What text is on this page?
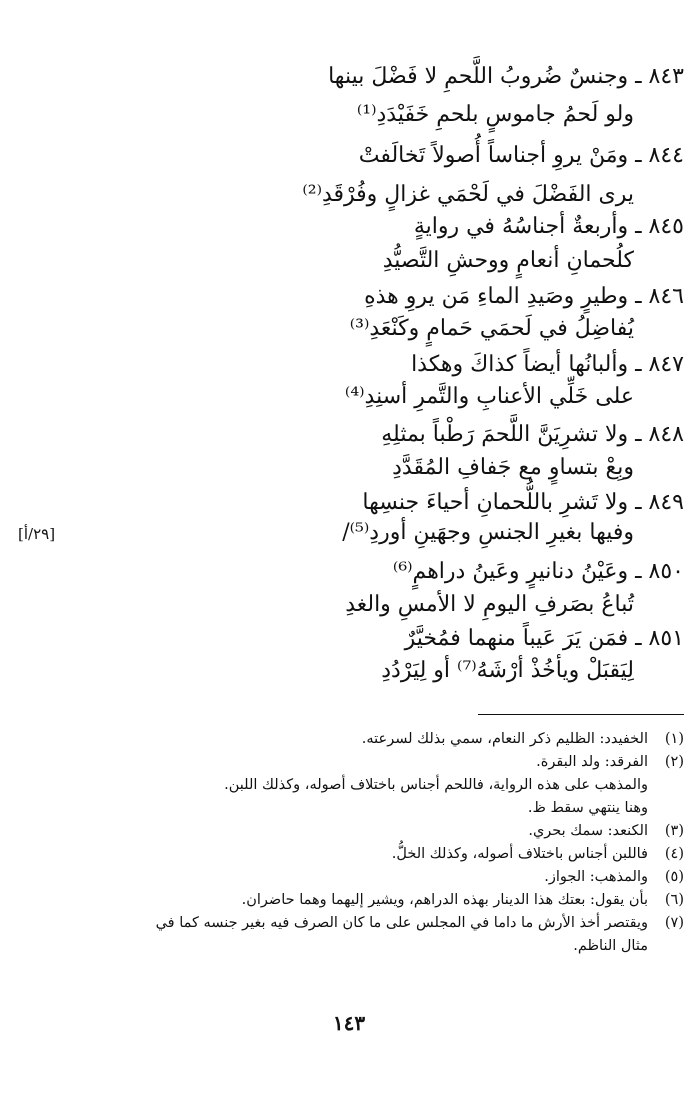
٨٤٣ ـ وجنسٌ ضُروبُ اللَّحمِ لا فَضْلَ بينها
ولو لَحمُ جاموسٍ بلحمِ خَفَيْدَدِ⁽¹⁾
٨٤٤ ـ ومَنْ يروِ أجناساً أُصولاً تَخالَفتْ
يرى الفَضْلَ في لَحْمَي غزالٍ وفُرْقَدِ⁽²⁾
٨٤٥ ـ وأربعةٌ أجناسُهُ في روايةٍ
كلُحمانِ أنعامٍ ووحشِ التَّصيُّدِ
٨٤٦ ـ وطيرٍ وصَيدِ الماءِ مَن يروِ هذهِ
يُفاضِلُ في لَحمَي حَمامٍ وكَنْعَدِ⁽³⁾
٨٤٧ ـ وألبانُها أيضاً كذاكَ وهكذا
على خَلِّي الأعنابِ والتَّمرِ أسنِدِ⁽⁴⁾
٨٤٨ ـ ولا تشرِيَنَّ اللَّحمَ رَطْباً بمثلِهِ
وبِعْ بتساوٍ مع جَفافِ المُقَدَّدِ
٨٤٩ ـ ولا تَشرِ باللُّحمانِ أحياءَ جنسِها
وفيها بغيرِ الجنسِ وجهَينِ أوردِ⁽⁵⁾/
[٢٩/أ]
٨٥٠ ـ وعَيْنُ دنانيرٍ وعَينُ دراهمٍ⁽⁶⁾
تُباعُ بصَرفِ اليومِ لا الأمسِ والغدِ
٨٥١ ـ فمَن يَرَ عَيباً منهما فمُخيَّرٌ
لِيَقبَلْ ويأخُذْ أرْشَهُ⁽⁷⁾ أو لِيَرْدُدِ
(١)
الخفيدد: الظليم ذكر النعام، سمي بذلك لسرعته.
(٢)
الفرقد: ولد البقرة.
والمذهب على هذه الرواية، فاللحم أجناس باختلاف أصوله، وكذلك اللبن.
وهنا ينتهي سقط ظ.
(٣)
الكنعد: سمك بحري.
(٤)
فاللبن أجناس باختلاف أصوله، وكذلك الخلُّ.
(٥)
والمذهب: الجواز.
(٦)
بأن يقول: بعتك هذا الدينار بهذه الدراهم، ويشير إليهما وهما حاضران.
(٧)
ويقتصر أخذ الأرش ما داما في المجلس على ما كان الصرف فيه بغير جنسه كما في
مثال الناظم.
١٤٣
